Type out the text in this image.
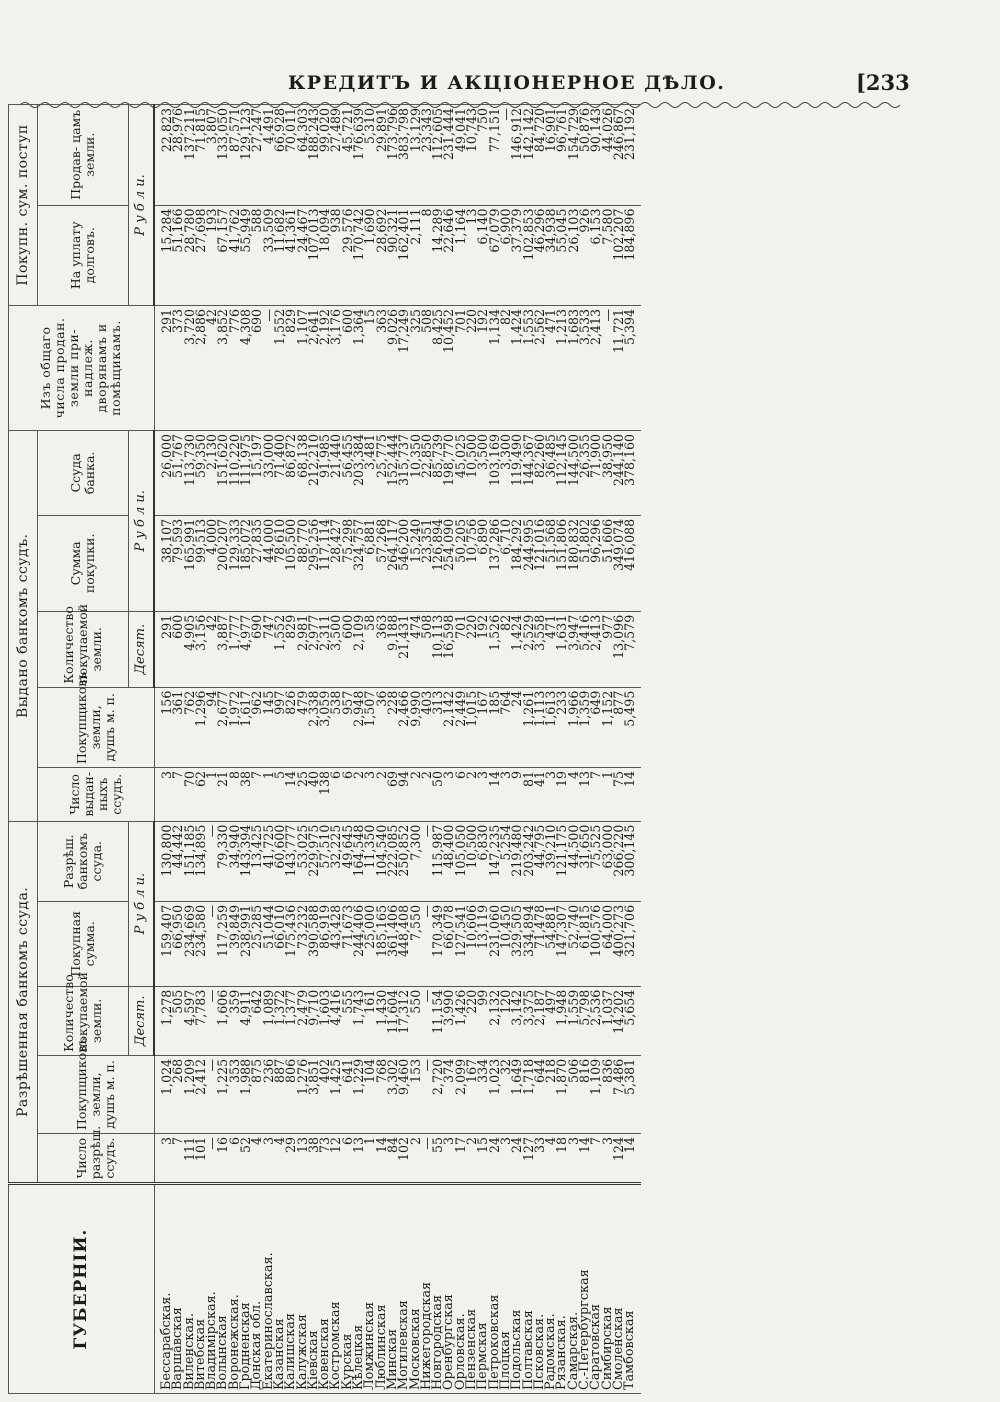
КРЕДИТЪ И АКЦІОНЕРНОЕ ДѢЛО.	[233
ГУБЕРНІИ.	Разрѣшенная банкомъ ссуда.					Выдано банкомъ ссудъ.					Изъ общаго числа продан. земли при- надлеж. дворянамъ и помѣщикамъ.	Покупн. сум. поступ	
	Число разрѣш. ссудъ.	Покупщиковъ земли, душъ м. п.	Количество покупаемой земли.	Покупная сумма.	Разрѣш. банкомъ ссуда.	Число выдан- ныхъ ссудъ.	Покупщиковъ земли, душъ м. п.	Количество покупаемой земли.	Сумма покупки.	Ссуда банка.		На уплату долговъ.	Продав- цамъ земли.
			Десят.	Р у б л и.				Десят.	Р у б л и.			Р у б л и.	
Бессарабская.	3	1,024	1,278	159,407	130,800	3	156	291	38,107	26,000	291	15,284	22,823
Варшавская	7	268	505	66,950	44,442	7	361	600	79,593	51,767	373	51,166	28,976
Виленская.	111	1,209	4,597	234,669	151,185	70	762	4,905	165,991	113,730	3,720	28,780	137,211
Витебская	101	2,412	7,783	234,580	134,895	62	1,296	3,156	99,513	59,350	2,886	27,698	71,815
Владимірская.	—	—	—	—	—	1	94	42	4,000	2,130	42	193	3,807
Волынская	16	1,225	1,606	117,259	79,330	21	2,677	3,887	200,207	151,620	3,852	67,157	133,050
Воронежская.	6	353	359	39,849	34,940	8	1,972	1,777	129,333	110,220	776	41,762	87,571
Гродненская	52	1,988	4,911	238,991	143,394	38	1,617	4,977	185,072	111,975	4,308	55,949	129,123
Донская обл.	4	875	642	25,285	13,425	7	962	690	27,835	15,197	690	588	27,247
Екатеринославская.	3	236	1,089	51,044	41,725	1	145	747	44,000	33,000	—	33,509	4,491
Казанская	4	887	1,372	66,010	60,600	5	997	1,552	78,610	71,400	1,552	11,682	66,928
Калишская	29	806	1,377	175,436	143,777	14	826	829	105,500	86,872	829	41,361	70,011
Калужская	13	1,276	2,479	73,232	53,025	25	479	2,981	88,770	68,138	1,107	24,467	64,303
Кіевская	38	3,851	9,710	390,588	229,975	40	2,338	2,977	295,256	212,210	2,641	107,013	188,243
Ковенская	73	402	1,603	86,919	57,510	138	3,059	2,311	117,114	91,985	2,192	18,094	99,020
Костромская	12	1,425	4,416	43,428	32,225	6	538	3,500	28,427	21,440	3,176	938	27,489
Курская	6	641	555	71,673	49,645	6	957	600	75,298	56,455	600	29,576	45,721
Кѣлецкая	13	1,229	1,743	244,406	164,548	2	2,948	2,109	324,757	203,384	1,364	170,742	176,639
Ломжинская	1	104	161	25,000	11,350	3	1,507	58	6,881	3,481	15	1,690	5,310
Люблинская	14	768	1,430	185,165	104,540	2	36	363	57,268	25,775	363	28,692	29,891
Минская	84	3,302	11,604	361,406	222,085	69	228	9,188	264,117	152,444	9,026	90,321	173,796
Могилевская	102	9,460	17,312	448,408	250,852	94	2,466	21,431	546,200	315,737	17,249	162,401	383,798
Московская	2	153	550	7,550	7,300	2	9,990	474	15,240	10,350	325	2,111	13,129
Нижегородская	—	—	—	—	—	2	403	508	23,351	22,850	508	8	23,343
Новгородская	55	2,720	11,154	170,349	115,987	50	313	10,113	126,894	85,739	8,425	14,289	112,605
Оренбургская	3	374	3,990	66,078	48,400	3	2,142	16,598	254,090	198,770	10,452	22,646	231,444
Орловская.	17	2,099	1,426	127,541	105,050	6	2,449	701	50,205	45,025	701	1,164	49,041
Пензенская	2	167	220	10,606	10,500	2	1,015	220	10,756	10,500	220	13	10,743
Пермская	15	334	99	13,119	6,830	3	167	192	6,890	3,500	192	6,140	750
Петроковская	24	1,023	2,132	231,060	147,235	14	185	1,526	137,286	103,169	1,134	67,079	77,151
Плоцкая	3	32	120	10,450	5,254	3	764	82	6,710	3,300	82	6,900	—
Подольская	24	1,649	3,142	329,505	219,480	9	24	1,424	184,292	119,490	1,424	37,379	146,912
Полтавская	127	1,718	3,375	334,894	203,242	81	1,261	2,529	244,995	144,367	1,553	102,853	142,142
Псковская.	33	644	2,187	71,478	44,795	41	1,113	3,558	121,016	82,260	2,562	46,296	84,720
Радомская.	4	218	497	54,881	39,210	3	1,613	471	51,568	36,485	471	34,938	16,901
Рязанская.	18	1,870	1,948	147,307	121,175	19	233	1,631	151,806	112,145	1,213	55,045	96,761
Самарская.	3	506	1,559	52,740	44,500	4	1,966	3,947	180,832	144,500	1,683	26,103	154,729
С.-Петербургская	14	816	5,798	61,815	31,650	13	1,359	5,416	51,802	26,355	3,533	926	50,876
Саратовская	7	1,109	2,536	100,576	75,525	7	649	2,413	96,296	71,900	2,413	6,153	90,143
Симбирская	3	836	1,037	64,000	63,000	1	1,152	977	51,606	38,950	—	7,580	44,026
Смоленская	124	7,486	14,202	400,273	266,220	75	877	13,096	349,074	244,140	11,721	102,207	246,867
Тамбовская	14	5,381	5,654	321,706	300,145	14	5,495	7,579	416,088	378,160	5,394	184,896	231,192
